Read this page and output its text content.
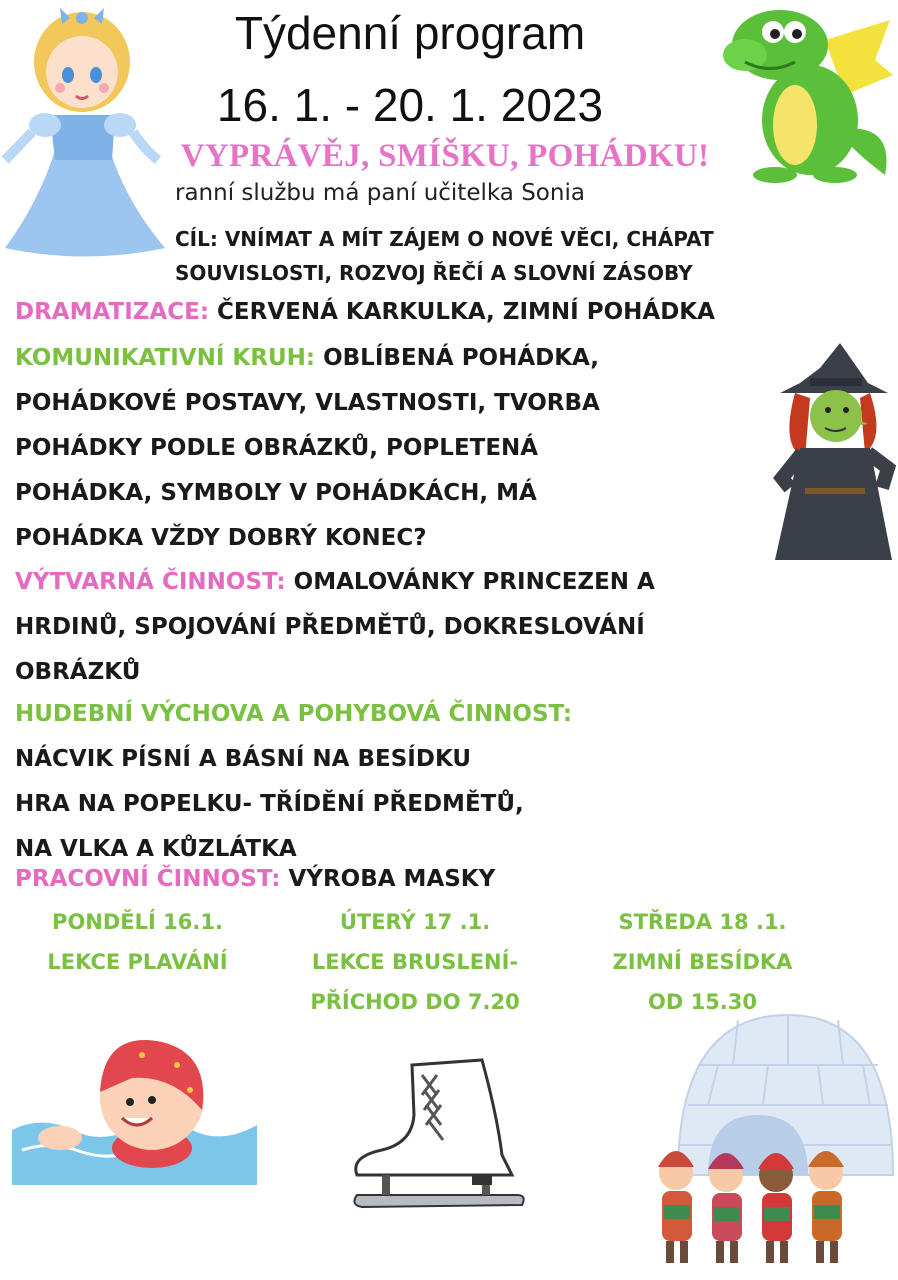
Týdenní program
16. 1. - 20. 1. 2023
VYPRÁVĚJ, SMÍŠKU, POHÁDKU!
ranní službu má paní učitelka Sonia
CÍL: VNÍMAT A MÍT ZÁJEM O NOVÉ VĚCI, CHÁPAT
SOUVISLOSTI, ROZVOJ ŘEČÍ A SLOVNÍ ZÁSOBY
DRAMATIZACE: ČERVENÁ KARKULKA, ZIMNÍ POHÁDKA
KOMUNIKATIVNÍ KRUH: OBLÍBENÁ POHÁDKA,
POHÁDKOVÉ POSTAVY, VLASTNOSTI, TVORBA
POHÁDKY PODLE OBRÁZKŮ, POPLETENÁ
POHÁDKA, SYMBOLY V POHÁDKÁCH, MÁ
POHÁDKA VŽDY DOBRÝ KONEC?
VÝTVARNÁ ČINNOST: OMALOVÁNKY PRINCEZEN A
HRDINŮ, SPOJOVÁNÍ PŘEDMĚTŮ, DOKRESLOVÁNÍ
OBRÁZKŮ
HUDEBNÍ VÝCHOVA A POHYBOVÁ ČINNOST:
NÁCVIK PÍSNÍ A BÁSNÍ NA BESÍDKU
HRA NA POPELKU- TŘÍDĚNÍ PŘEDMĚTŮ,
NA VLKA A KŮZLÁTKA
PRACOVNÍ ČINNOST: VÝROBA MASKY
PONDĚLÍ 16.1.
LEKCE PLAVÁNÍ
ÚTERÝ 17 .1.
LEKCE BRUSLENÍ-
PŘÍCHOD DO 7.20
STŘEDA 18 .1.
ZIMNÍ BESÍDKA
OD 15.30
